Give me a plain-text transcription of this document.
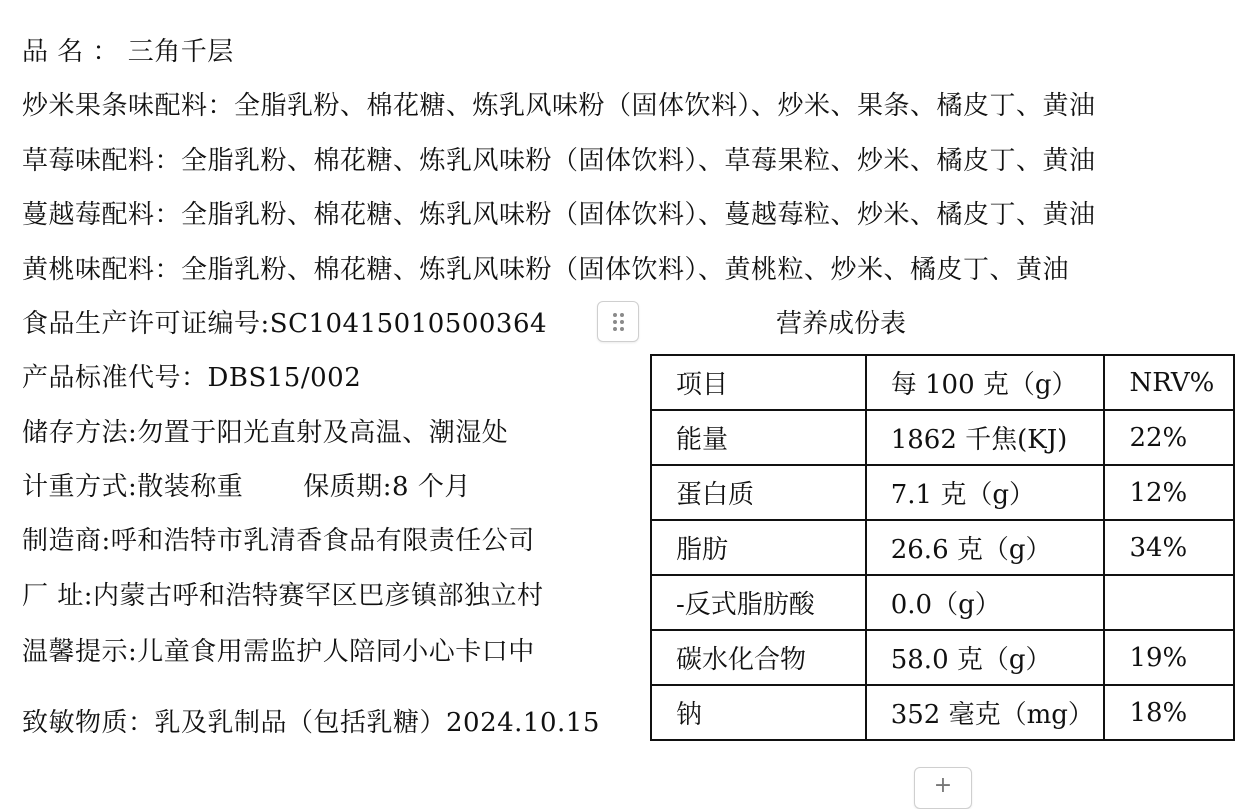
品 名 ： 三角千层
炒米果条味配料：全脂乳粉、棉花糖、炼乳风味粉（固体饮料）、炒米、果条、橘皮丁、黄油
草莓味配料：全脂乳粉、棉花糖、炼乳风味粉（固体饮料）、草莓果粒、炒米、橘皮丁、黄油
蔓越莓配料：全脂乳粉、棉花糖、炼乳风味粉（固体饮料）、蔓越莓粒、炒米、橘皮丁、黄油
黄桃味配料：全脂乳粉、棉花糖、炼乳风味粉（固体饮料）、黄桃粒、炒米、橘皮丁、黄油
食品生产许可证编号:SC10415010500364
产品标准代号：DBS15/002
储存方法:勿置于阳光直射及高温、潮湿处
计重方式:散装称重 保质期:8 个月
制造商:呼和浩特市乳清香食品有限责任公司
厂 址:内蒙古呼和浩特赛罕区巴彦镇部独立村
温馨提示:儿童食用需监护人陪同小心卡口中
致敏物质：乳及乳制品（包括乳糖）2024.10.15
营养成份表
项目	每 100 克（g）	NRV%
能量	1862 千焦(KJ)	22%
蛋白质	7.1 克（g）	12%
脂肪	26.6 克（g）	34%
-反式脂肪酸	0.0（g）	
碳水化合物	58.0 克（g）	19%
钠	352 毫克（mg）	18%
+
